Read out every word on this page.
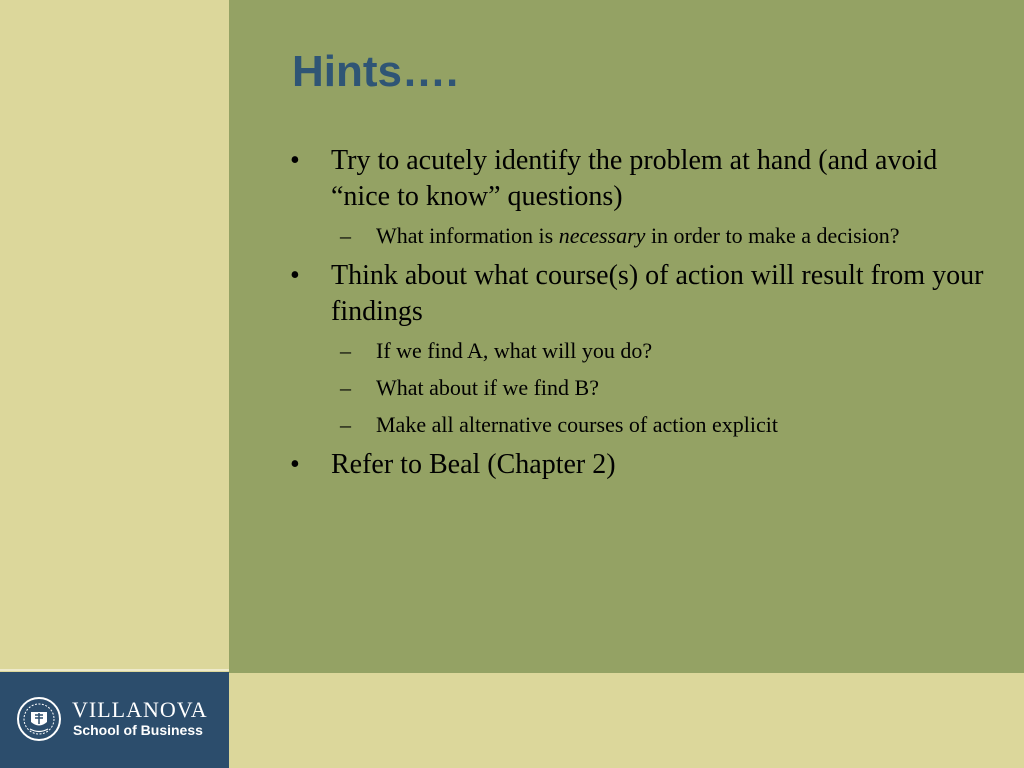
VILLANOVA
School of Business
Hints….
• Try to acutely identify the problem at hand (and avoid “nice to know” questions)
– What information is necessary in order to make a decision?
• Think about what course(s) of action will result from your findings
– If we find A, what will you do?
– What about if we find B?
– Make all alternative courses of action explicit
• Refer to Beal (Chapter 2)
